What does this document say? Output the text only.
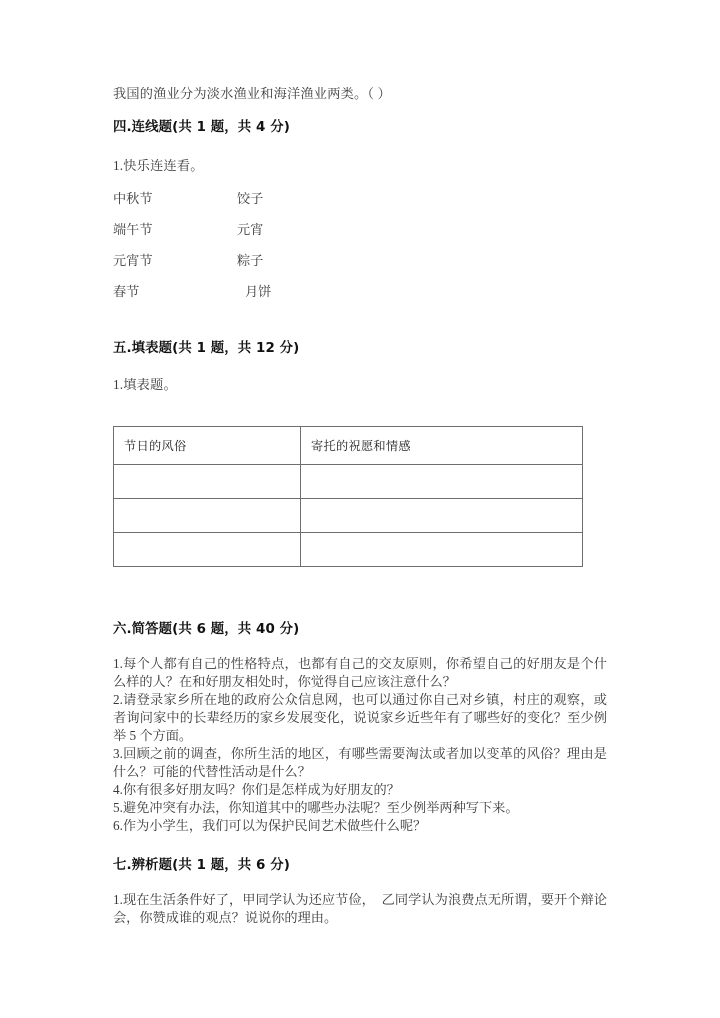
我国的渔业分为淡水渔业和海洋渔业两类。（ ）
四.连线题(共 1 题，共 4 分)
1.快乐连连看。
中秋节	饺子
端午节	元宵
元宵节	粽子
春节	月饼
五.填表题(共 1 题，共 12 分)
1.填表题。
节日的风俗	寄托的祝愿和情感

六.简答题(共 6 题，共 40 分)
1.每个人都有自己的性格特点，也都有自己的交友原则，你希望自己的好朋友是个什么样的人？在和好朋友相处时，你觉得自己应该注意什么？
2.请登录家乡所在地的政府公众信息网，也可以通过你自己对乡镇，村庄的观察，或者询问家中的长辈经历的家乡发展变化，说说家乡近些年有了哪些好的变化？至少例举 5 个方面。
3.回顾之前的调查，你所生活的地区，有哪些需要淘汰或者加以变革的风俗？理由是什么？可能的代替性活动是什么？
4.你有很多好朋友吗？你们是怎样成为好朋友的？
5.避免冲突有办法，你知道其中的哪些办法呢？至少例举两种写下来。
6.作为小学生，我们可以为保护民间艺术做些什么呢？
七.辨析题(共 1 题，共 6 分)
1.现在生活条件好了，甲同学认为还应节俭，  乙同学认为浪费点无所谓，要开个辩论会，你赞成谁的观点？说说你的理由。
